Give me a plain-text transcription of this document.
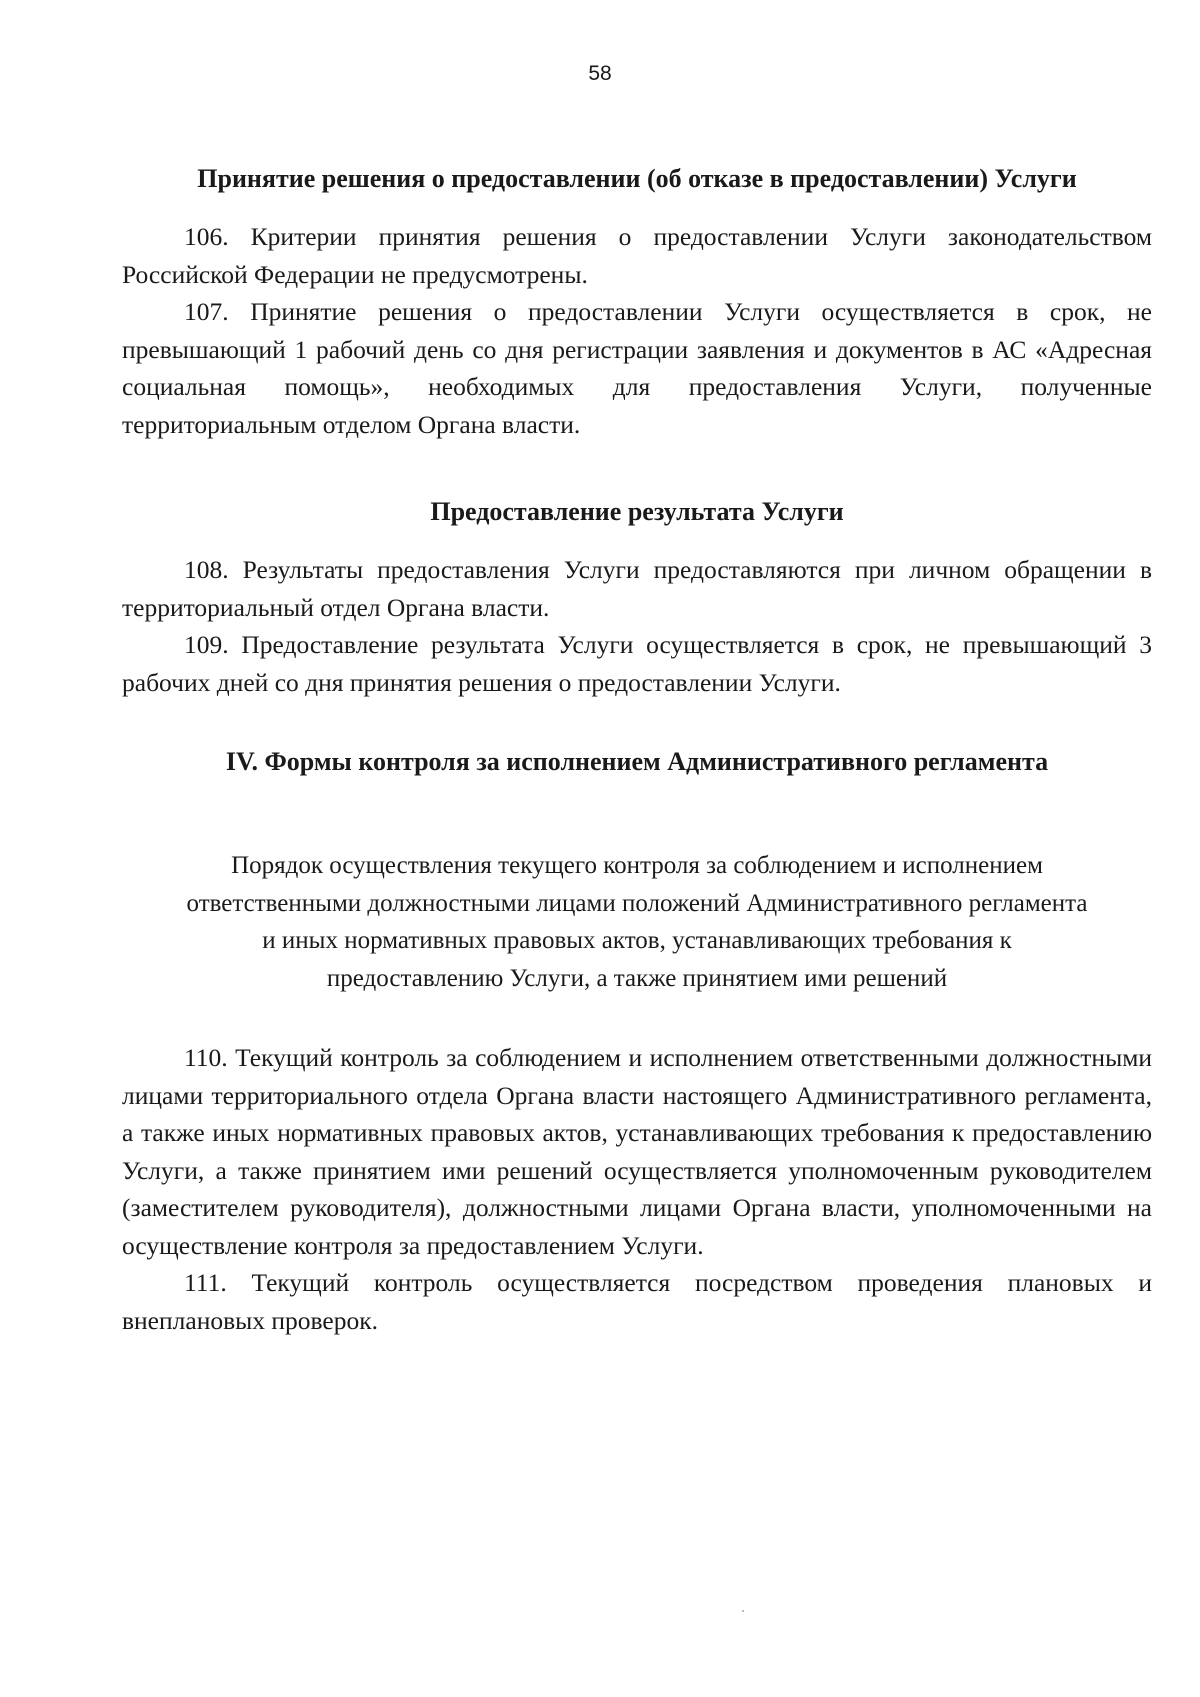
58

Принятие решения о предоставлении (об отказе в предоставлении) Услуги

106. Критерии принятия решения о предоставлении Услуги законодательством Российской Федерации не предусмотрены.

107. Принятие решения о предоставлении Услуги осуществляется в срок, не превышающий 1 рабочий день со дня регистрации заявления и документов в АС «Адресная социальная помощь», необходимых для предоставления Услуги, полученные территориальным отделом Органа власти.

Предоставление результата Услуги

108. Результаты предоставления Услуги предоставляются при личном обращении в территориальный отдел Органа власти.

109. Предоставление результата Услуги осуществляется в срок, не превышающий 3 рабочих дней со дня принятия решения о предоставлении Услуги.

IV. Формы контроля за исполнением Административного регламента

Порядок осуществления текущего контроля за соблюдением и исполнением

ответственными должностными лицами положений Административного регламента

и иных нормативных правовых актов, устанавливающих требования к

предоставлению Услуги, а также принятием ими решений

110. Текущий контроль за соблюдением и исполнением ответственными должностными лицами территориального отдела Органа власти настоящего Административного регламента, а также иных нормативных правовых актов, устанавливающих требования к предоставлению Услуги, а также принятием ими решений осуществляется уполномоченным руководителем (заместителем руководителя), должностными лицами Органа власти, уполномоченными на осуществление контроля за предоставлением Услуги.

111. Текущий контроль осуществляется посредством проведения плановых и внеплановых проверок.
